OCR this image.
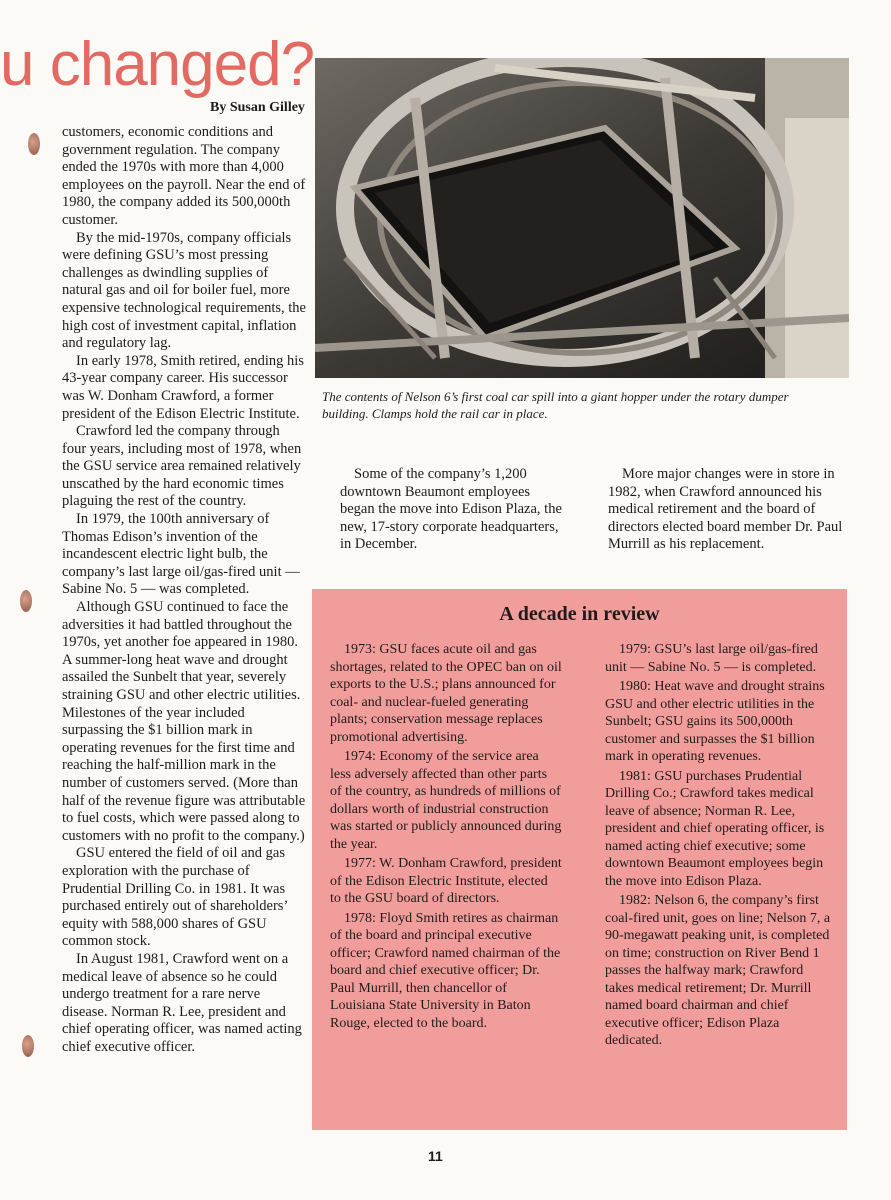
u changed?
By Susan Gilley

customers, economic conditions and government regulation. The company ended the 1970s with more than 4,000 employees on the payroll. Near the end of 1980, the company added its 500,000th customer.

By the mid-1970s, company officials were defining GSU’s most pressing challenges as dwindling supplies of natural gas and oil for boiler fuel, more expensive technological requirements, the high cost of investment capital, inflation and regulatory lag.

In early 1978, Smith retired, ending his 43-year company career. His successor was W. Donham Crawford, a former president of the Edison Electric Institute.

Crawford led the company through four years, including most of 1978, when the GSU service area remained relatively unscathed by the hard economic times plaguing the rest of the country.

In 1979, the 100th anniversary of Thomas Edison’s invention of the incandescent electric light bulb, the company’s last large oil/gas-fired unit — Sabine No. 5 — was completed.

Although GSU continued to face the adversities it had battled throughout the 1970s, yet another foe appeared in 1980. A summer-long heat wave and drought assailed the Sunbelt that year, severely straining GSU and other electric utilities. Milestones of the year included surpassing the $1 billion mark in operating revenues for the first time and reaching the half-million mark in the number of customers served. (More than half of the revenue figure was attributable to fuel costs, which were passed along to customers with no profit to the company.)

GSU entered the field of oil and gas exploration with the purchase of Prudential Drilling Co. in 1981. It was purchased entirely out of shareholders’ equity with 588,000 shares of GSU common stock.

In August 1981, Crawford went on a medical leave of absence so he could undergo treatment for a rare nerve disease. Norman R. Lee, president and chief operating officer, was named acting chief executive officer.

The contents of Nelson 6’s first coal car spill into a giant hopper under the rotary dumper building. Clamps hold the rail car in place.

Some of the company’s 1,200 downtown Beaumont employees began the move into Edison Plaza, the new, 17-story corporate headquarters, in December.

More major changes were in store in 1982, when Crawford announced his medical retirement and the board of directors elected board member Dr. Paul Murrill as his replacement.

A decade in review

1973: GSU faces acute oil and gas shortages, related to the OPEC ban on oil exports to the U.S.; plans announced for coal- and nuclear-fueled generating plants; conservation message replaces promotional advertising.

1974: Economy of the service area less adversely affected than other parts of the country, as hundreds of millions of dollars worth of industrial construction was started or publicly announced during the year.

1977: W. Donham Crawford, president of the Edison Electric Institute, elected to the GSU board of directors.

1978: Floyd Smith retires as chairman of the board and principal executive officer; Crawford named chairman of the board and chief executive officer; Dr. Paul Murrill, then chancellor of Louisiana State University in Baton Rouge, elected to the board.

1979: GSU’s last large oil/gas-fired unit — Sabine No. 5 — is completed.

1980: Heat wave and drought strains GSU and other electric utilities in the Sunbelt; GSU gains its 500,000th customer and surpasses the $1 billion mark in operating revenues.

1981: GSU purchases Prudential Drilling Co.; Crawford takes medical leave of absence; Norman R. Lee, president and chief operating officer, is named acting chief executive; some downtown Beaumont employees begin the move into Edison Plaza.

1982: Nelson 6, the company’s first coal-fired unit, goes on line; Nelson 7, a 90-megawatt peaking unit, is completed on time; construction on River Bend 1 passes the halfway mark; Crawford takes medical retirement; Dr. Murrill named board chairman and chief executive officer; Edison Plaza dedicated.

11
